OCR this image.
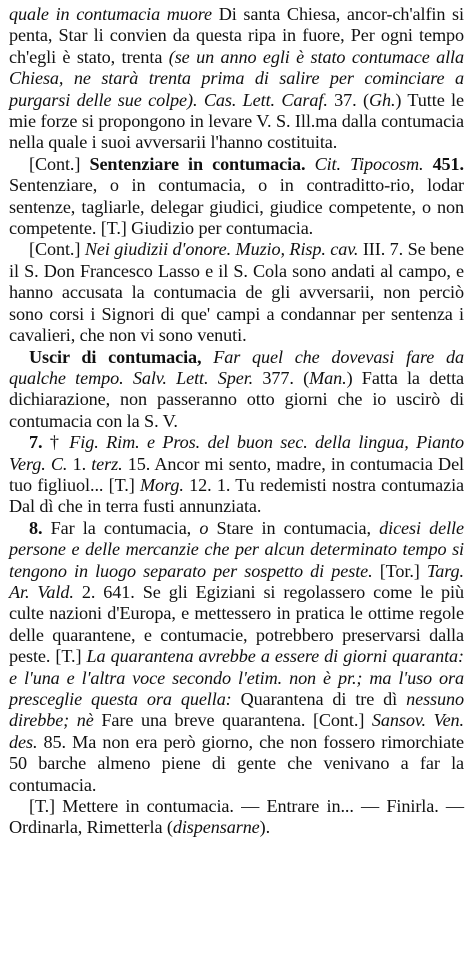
quale in contumacia muore Di santa Chiesa, ancor-ch'alfin si penta, Star li convien da questa ripa in fuore, Per ogni tempo ch'egli è stato, trenta (se un anno egli è stato contumace alla Chiesa, ne starà trenta prima di salire per cominciare a purgarsi delle sue colpe). Cas. Lett. Caraf. 37. (Gh.) Tutte le mie forze si propongono in levare V. S. Ill.ma dalla contumacia nella quale i suoi avversarii l'hanno costituita.

[Cont.] Sentenziare in contumacia. Cit. Tipocosm. 451. Sentenziare, o in contumacia, o in contraditto-rio, lodar sentenze, tagliarle, delegar giudici, giudice competente, o non competente. [T.] Giudizio per contumacia.

[Cont.] Nei giudizii d'onore. Muzio, Risp. cav. III. 7. Se bene il S. Don Francesco Lasso e il S. Cola sono andati al campo, e hanno accusata la contumacia de gli avversarii, non perciò sono corsi i Signori di que' campi a condannar per sentenza i cavalieri, che non vi sono venuti.

Uscir di contumacia, Far quel che dovevasi fare da qualche tempo. Salv. Lett. Sper. 377. (Man.) Fatta la detta dichiarazione, non passeranno otto giorni che io uscirò di contumacia con la S. V.

7. † Fig. Rim. e Pros. del buon sec. della lingua, Pianto Verg. C. 1. terz. 15. Ancor mi sento, madre, in contumacia Del tuo figliuol... [T.] Morg. 12. 1. Tu redemisti nostra contumazia Dal dì che in terra fusti annunziata.

8. Far la contumacia, o Stare in contumacia, dicesi delle persone e delle mercanzie che per alcun determinato tempo si tengono in luogo separato per sospetto di peste. [Tor.] Targ. Ar. Vald. 2. 641. Se gli Egiziani si regolassero come le più culte nazioni d'Europa, e mettessero in pratica le ottime regole delle quarantene, e contumacie, potrebbero preservarsi dalla peste. [T.] La quarantena avrebbe a essere di giorni quaranta: e l'una e l'altra voce secondo l'etim. non è pr.; ma l'uso ora presceglie questa ora quella: Quarantena di tre dì nessuno direbbe; nè Fare una breve quarantena. [Cont.] Sansov. Ven. des. 85. Ma non era però giorno, che non fossero rimorchiate 50 barche almeno piene di gente che venivano a far la contumacia.

[T.] Mettere in contumacia. — Entrare in... — Finirla. — Ordinarla, Rimetterla (dispensarne).
